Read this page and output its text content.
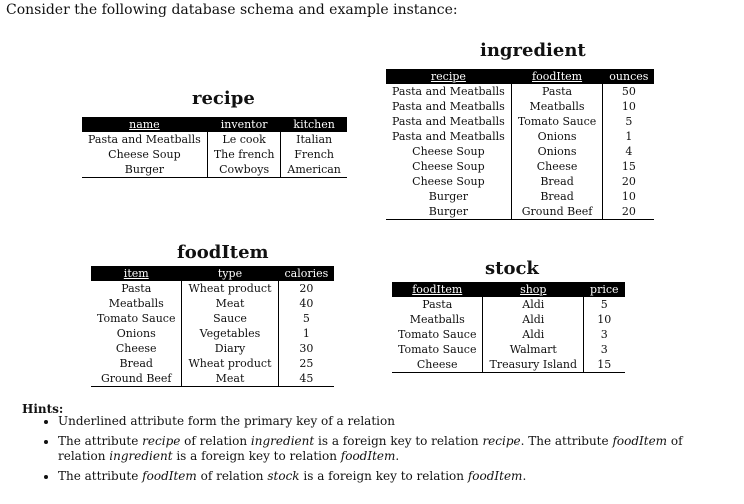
Consider the following database schema and example instance:
recipe
name	inventor	kitchen
Pasta and Meatballs	Le cook	Italian
Cheese Soup	The french	French
Burger	Cowboys	American
ingredient
recipe	foodItem	ounces
Pasta and Meatballs	Pasta	50
Pasta and Meatballs	Meatballs	10
Pasta and Meatballs	Tomato Sauce	5
Pasta and Meatballs	Onions	1
Cheese Soup	Onions	4
Cheese Soup	Cheese	15
Cheese Soup	Bread	20
Burger	Bread	10
Burger	Ground Beef	20
foodItem
item	type	calories
Pasta	Wheat product	20
Meatballs	Meat	40
Tomato Sauce	Sauce	5
Onions	Vegetables	1
Cheese	Diary	30
Bread	Wheat product	25
Ground Beef	Meat	45
stock
foodItem	shop	price
Pasta	Aldi	5
Meatballs	Aldi	10
Tomato Sauce	Aldi	3
Tomato Sauce	Walmart	3
Cheese	Treasury Island	15
Hints:
• Underlined attribute form the primary key of a relation
• The attribute recipe of relation ingredient is a foreign key to relation recipe. The attribute foodItem of relation ingredient is a foreign key to relation foodItem.
• The attribute foodItem of relation stock is a foreign key to relation foodItem.
